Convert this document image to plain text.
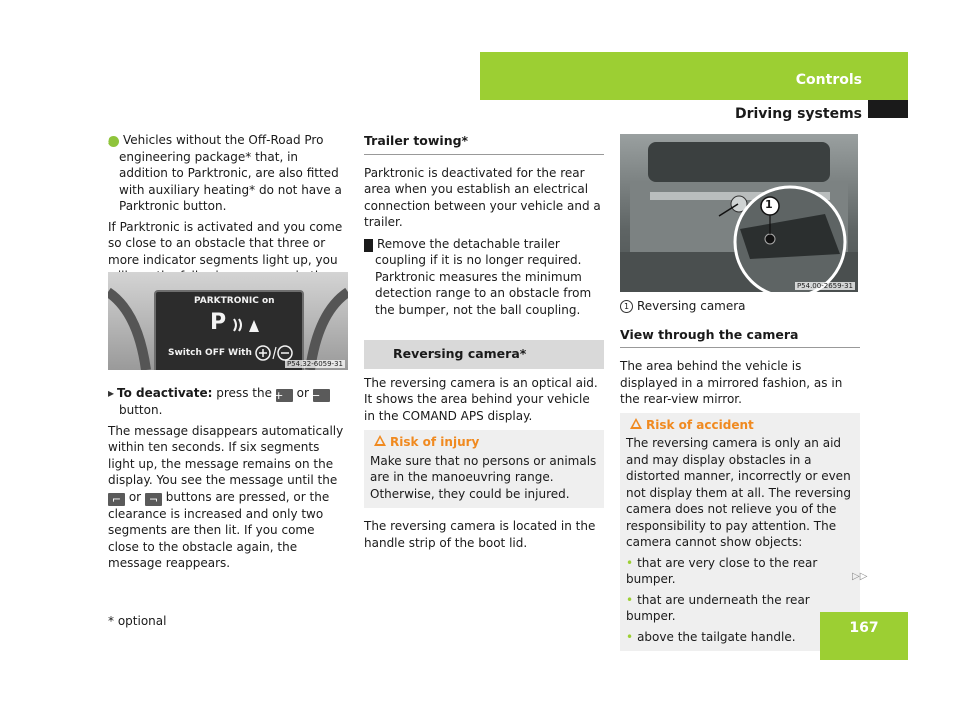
Controls
Driving systems

i Vehicles without the Off-Road Pro engineering package* that, in addition to Parktronic, are also fitted with auxiliary heating* do not have a Parktronic button.

If Parktronic is activated and you come so close to an obstacle that three or more indicator segments light up, you

PARKTRONIC on
P
Switch OFF With
P54.32-6059-31

▸ To deactivate: press the + or − button.

The message disappears automatically within ten seconds. If six segments light up, the message remains on the display. You see the message until the ⌐ or ¬ buttons are pressed, or the clearance is increased and only two segments are then lit. If you come close to the obstacle again, the message reappears.

Trailer towing*

Parktronic is deactivated for the rear area when you establish an electrical connection between your vehicle and a trailer.

! Remove the detachable trailer coupling if it is no longer required. Parktronic measures the minimum detection range to an obstacle from the bumper, not the ball coupling.

Reversing camera*

The reversing camera is an optical aid. It shows the area behind your vehicle in the COMAND APS display.

Risk of injury
Make sure that no persons or animals are in the manoeuvring range. Otherwise, they could be injured.

The reversing camera is located in the handle strip of the boot lid.

1
P54.00-2659-31

1 Reversing camera

View through the camera

The area behind the vehicle is displayed in a mirrored fashion, as in the rear-view mirror.

Risk of accident
The reversing camera is only an aid and may display obstacles in a distorted manner, incorrectly or even not display them at all. The reversing camera does not relieve you of the responsibility to pay attention. The camera cannot show objects:
• that are very close to the rear bumper.
• that are underneath the rear bumper.
• above the tailgate handle.
▷▷
167
* optional
